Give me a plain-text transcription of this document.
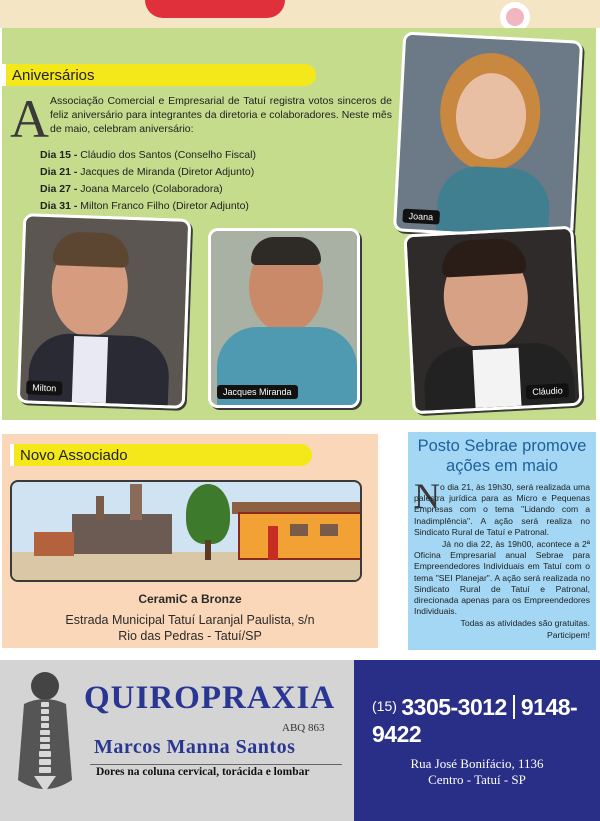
Aniversários
A Associação Comercial e Empresarial de Tatuí registra votos sinceros de feliz aniversário para integrantes da diretoria e colaboradores. Neste mês de maio, celebram aniversário:
Dia 15 - Cláudio dos Santos (Conselho Fiscal)
Dia 21 - Jacques de Miranda (Diretor Adjunto)
Dia 27 - Joana Marcelo (Colaboradora)
Dia 31 - Milton Franco Filho (Diretor Adjunto)
Joana
Milton	Jacques Miranda	Cláudio
Novo Associado
CeramiC a Bronze
Estrada Municipal Tatuí Laranjal Paulista, s/n
Rio das Pedras - Tatuí/SP
Posto Sebrae promove
ações em maio
N o dia 21, às 19h30, será realizada uma palestra jurídica para as Micro e Pequenas Empresas com o tema "Lidando com a Inadimplência". A ação será realiza no Sindicato Rural de Tatuí e Patronal.

Já no dia 22, às 19h00, acontece a 2ª Oficina Empresarial anual Sebrae para Empreendedores Individuais em Tatuí com o tema "SEI Planejar". A ação será realizada no Sindicato Rural de Tatuí e Patronal, direcionada apenas para os Empreendedores Individuais.

Todas as atividades são gratuitas. Participem!

QUIROPRAXIA
ABQ 863
Marcos Manna Santos
Dores na coluna cervical, torácida e lombar
(15) 3305-3012 9148-9422
Rua José Bonifácio, 1136
Centro - Tatuí - SP
